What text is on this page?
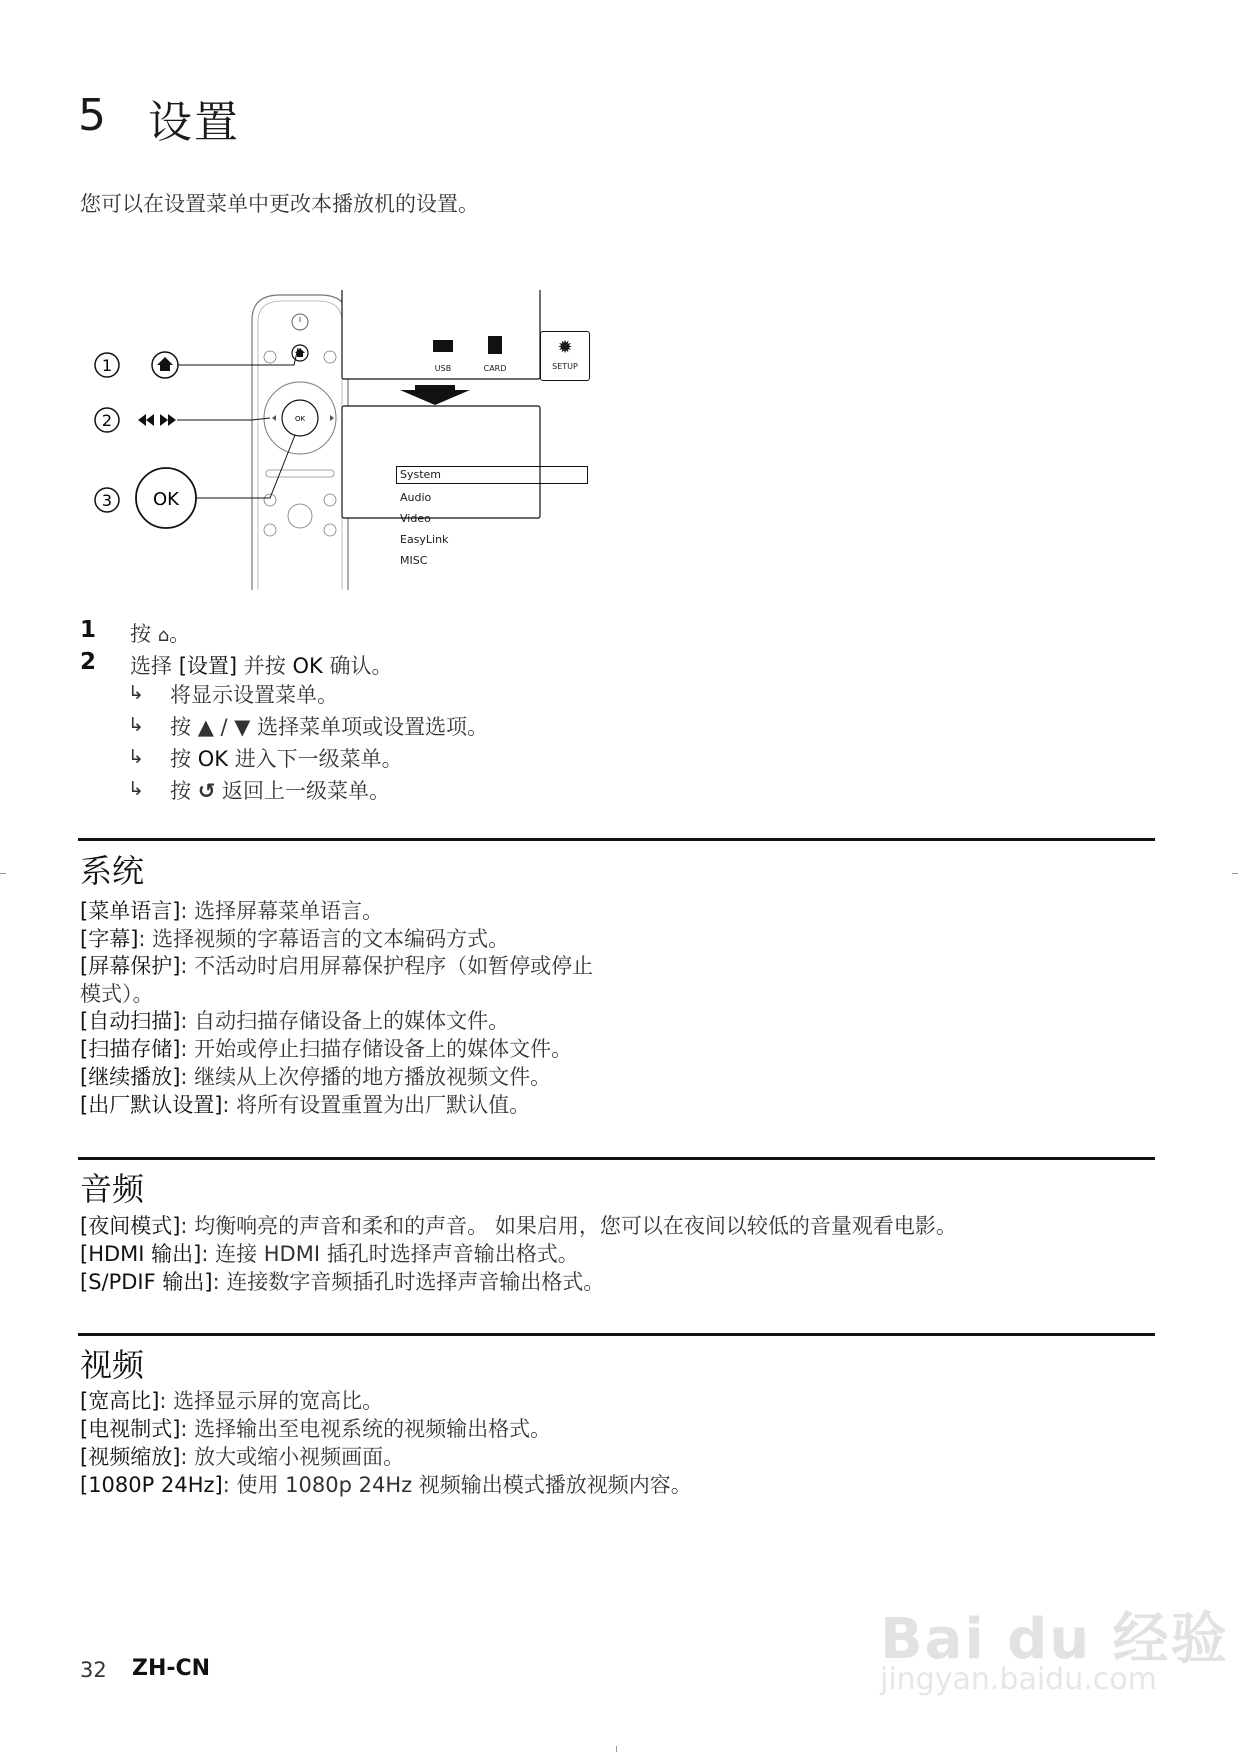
5 设置
您可以在设置菜单中更改本播放机的设置。
1
2
3 OK
OK
USB	CARD
✹
SETUP
System
Audio
Video
EasyLink
MISC
1 按 ⌂。
2 选择 [设置] 并按 OK 确认。
↳ 将显示设置菜单。
↳ 按 ▲ / ▼ 选择菜单项或设置选项。
↳ 按 OK 进入下一级菜单。
↳ 按 ↺ 返回上一级菜单。
系统
[菜单语言]: 选择屏幕菜单语言。
[字幕]: 选择视频的字幕语言的文本编码方式。
[屏幕保护]: 不活动时启用屏幕保护程序（如暂停或停止
模式）。
[自动扫描]: 自动扫描存储设备上的媒体文件。
[扫描存储]: 开始或停止扫描存储设备上的媒体文件。
[继续播放]: 继续从上次停播的地方播放视频文件。
[出厂默认设置]: 将所有设置重置为出厂默认值。
音频
[夜间模式]: 均衡响亮的声音和柔和的声音。 如果启用，您可以在夜间以较低的音量观看电影。
[HDMI 输出]: 连接 HDMI 插孔时选择声音输出格式。
[S/PDIF 输出]: 连接数字音频插孔时选择声音输出格式。
视频
[宽高比]: 选择显示屏的宽高比。
[电视制式]: 选择输出至电视系统的视频输出格式。
[视频缩放]: 放大或缩小视频画面。
[1080P 24Hz]: 使用 1080p 24Hz 视频输出模式播放视频内容。
Bai du 经验
jingyan.baidu.com
32 ZH-CN
